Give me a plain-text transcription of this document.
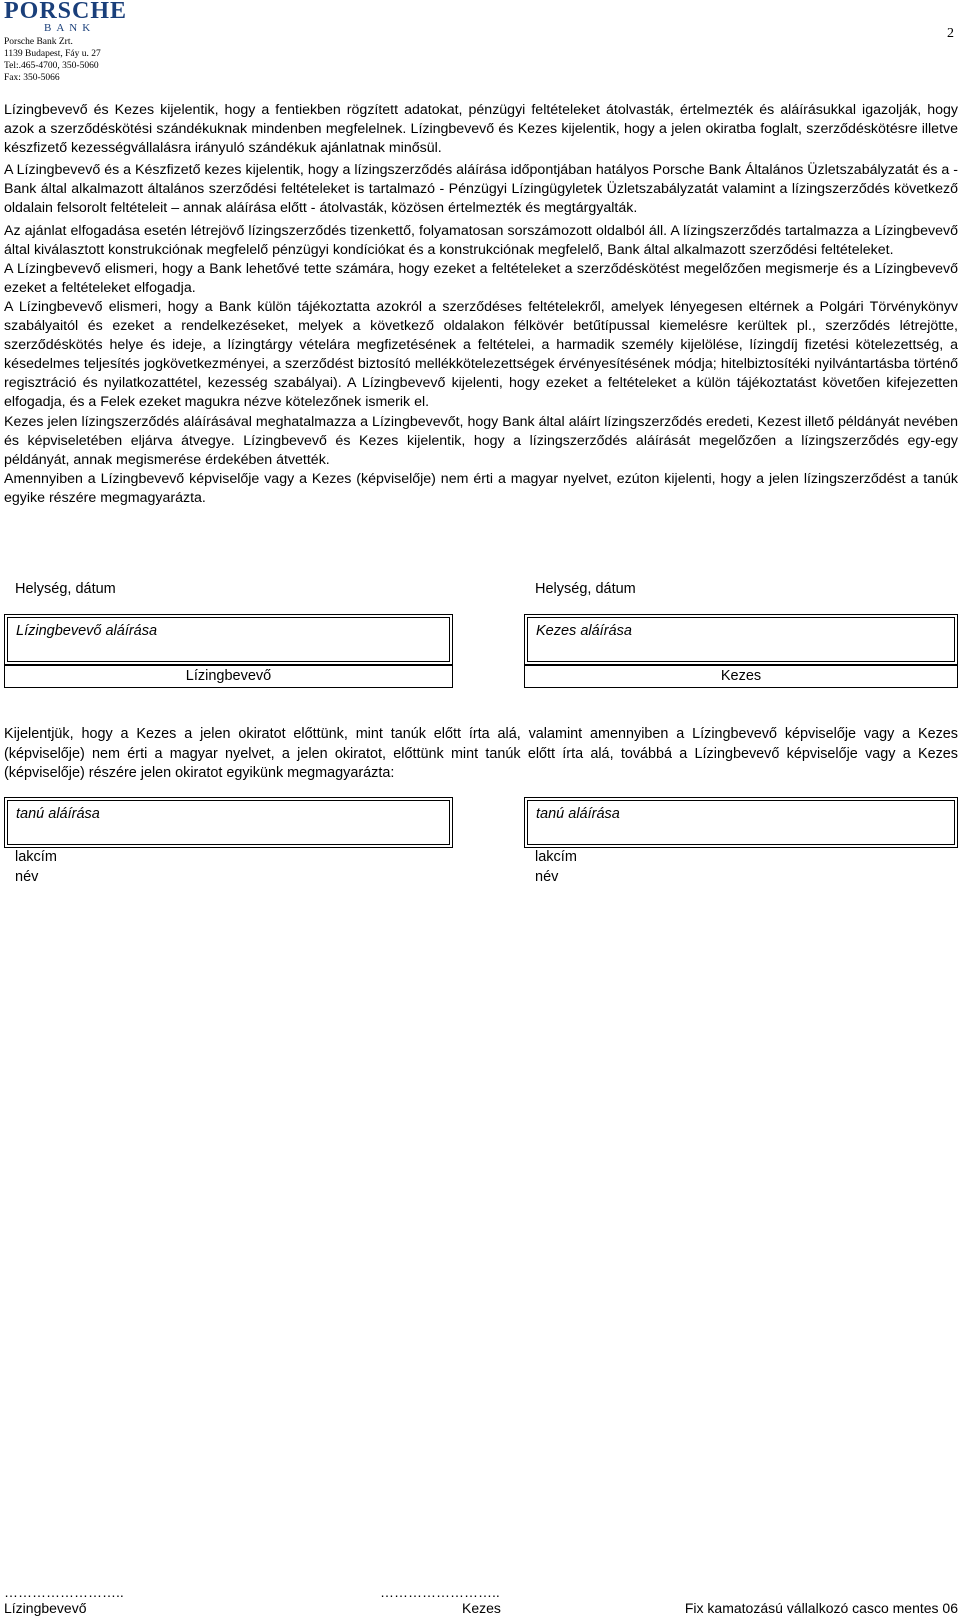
PORSCHE
BANK
Porsche Bank Zrt.
1139 Budapest, Fáy u. 27
Tel:.465-4700, 350-5060
Fax: 350-5066
2

Lízingbevevő és Kezes kijelentik, hogy a fentiekben rögzített adatokat, pénzügyi feltételeket átolvasták, értelmezték és aláírásukkal igazolják, hogy azok a szerződéskötési szándékuknak mindenben megfelelnek. Lízingbevevő és Kezes kijelentik, hogy a jelen okiratba foglalt, szerződéskötésre illetve készfizető kezességvállalásra irányuló szándékuk ajánlatnak minősül.

A Lízingbevevő és a Készfizető kezes kijelentik, hogy a lízingszerződés aláírása időpontjában hatályos Porsche Bank Általános Üzletszabályzatát és a - Bank által alkalmazott általános szerződési feltételeket is tartalmazó - Pénzügyi Lízingügyletek Üzletszabályzatát valamint a lízingszerződés következő oldalain felsorolt feltételeit – annak aláírása előtt - átolvasták, közösen értelmezték és megtárgyalták.

Az ajánlat elfogadása esetén létrejövő lízingszerződés tizenkettő, folyamatosan sorszámozott oldalból áll. A lízingszerződés tartalmazza a Lízingbevevő által kiválasztott konstrukciónak megfelelő pénzügyi kondíciókat és a konstrukciónak megfelelő, Bank által alkalmazott szerződési feltételeket.

A Lízingbevevő elismeri, hogy a Bank lehetővé tette számára, hogy ezeket a feltételeket a szerződéskötést megelőzően megismerje és a Lízingbevevő ezeket a feltételeket elfogadja.

A Lízingbevevő elismeri, hogy a Bank külön tájékoztatta azokról a szerződéses feltételekről, amelyek lényegesen eltérnek a Polgári Törvénykönyv szabályaitól és ezeket a rendelkezéseket, melyek a következő oldalakon félkövér betűtípussal kiemelésre kerültek pl., szerződés létrejötte, szerződéskötés helye és ideje, a lízingtárgy vételára megfizetésének a feltételei, a harmadik személy kijelölése, lízingdíj fizetési kötelezettség, a késedelmes teljesítés jogkövetkezményei, a szerződést biztosító mellékkötelezettségek érvényesítésének módja; hitelbiztosítéki nyilvántartásba történő regisztráció és nyilatkozattétel, kezesség szabályai). A Lízingbevevő kijelenti, hogy ezeket a feltételeket a külön tájékoztatást követően kifejezetten elfogadja, és a Felek ezeket magukra nézve kötelezőnek ismerik el.

Kezes jelen lízingszerződés aláírásával meghatalmazza a Lízingbevevőt, hogy Bank által aláírt lízingszerződés eredeti, Kezest illető példányát nevében és képviseletében eljárva átvegye. Lízingbevevő és Kezes kijelentik, hogy a lízingszerződés aláírását megelőzően a lízingszerződés egy-egy példányát, annak megismerése érdekében átvették.

Amennyiben a Lízingbevevő képviselője vagy a Kezes (képviselője) nem érti a magyar nyelvet, ezúton kijelenti, hogy a jelen lízingszerződést a tanúk egyike részére megmagyarázta.

Helység, dátum
Lízingbevevő aláírása
Lízingbevevő
Helység, dátum
Kezes aláírása
Kezes
Kijelentjük, hogy a Kezes a jelen okiratot előttünk, mint tanúk előtt írta alá, valamint amennyiben a Lízingbevevő képviselője vagy a Kezes (képviselője) nem érti a magyar nyelvet, a jelen okiratot, előttünk mint tanúk előtt írta alá, továbbá a Lízingbevevő képviselője vagy a Kezes (képviselője) részére jelen okiratot egyikünk megmagyarázta:
tanú aláírása
lakcím
név
tanú aláírása
lakcím
név
……………………..	……………………..
Lízingbevevő	Kezes	Fix kamatozású vállalkozó casco mentes 06
